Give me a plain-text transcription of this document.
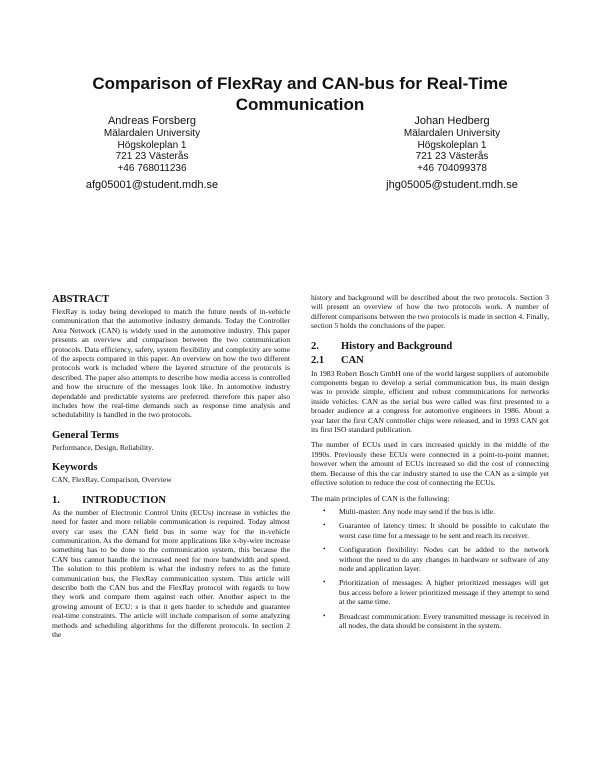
Comparison of FlexRay and CAN-bus for Real-Time Communication
Andreas Forsberg
Mälardalen University
Högskoleplan 1
721 23 Västerås
+46 768011236
afg05001@student.mdh.se
Johan Hedberg
Mälardalen University
Högskoleplan 1
721 23 Västerås
+46 704099378
jhg05005@student.mdh.se
ABSTRACT

FlexRay is today being developed to match the future needs of in-vehicle communication that the automotive industry demands. Today the Controller Area Network (CAN) is widely used in the automotive industry. This paper presents an overview and comparison between the two communication protocols. Data efficiency, safety, system flexibility and complexity are some of the aspects compared in this paper. An overview on how the two different protocols work is included where the layered structure of the protocols is described. The paper also attempts to describe how media access is controlled and how the structure of the messages look like. In automotive industry dependable and predictable systems are preferred. therefore this paper also includes how the real-time demands such as response time analysis and schedulability is handled in the two protocols.

General Terms

Performance, Design, Reliability.

Keywords

CAN, FlexRay, Comparison, Overview

1. INTRODUCTION

As the number of Electronic Control Units (ECUs) increase in vehicles the need for faster and more reliable communication is required. Today almost every car uses the CAN field bus in some way for the in-vehicle communication. As the demand for more applications like x-by-wire increase something has to be done to the communication system, this because the CAN bus cannot handle the increased need for more bandwidth and speed. The solution to this problem is what the industry refers to as the future communication bus, the FlexRay communication system. This article will describe both the CAN bus and the FlexRay protocol with regards to how they work and compare them against each other. Another aspect to the growing amount of ECU: s is that it gets harder to schedule and guarantee real-time constraints. The article will include comparison of some analyzing methods and scheduling algorithms for the different protocols. In section 2 the

history and background will be described about the two protocols. Section 3 will present an overview of how the two protocols work. A number of different comparisons between the two protocols is made in section 4. Finally, section 5 holds the conclusions of the paper.

2. History and Background
2.1 CAN

In 1983 Robert Bosch GmbH one of the world largest suppliers of automobile components began to develop a serial communication bus, its main design was to provide simple, efficient and robust communications for networks inside vehicles. CAN as the serial bus were called was first presented to a broader audience at a congress for automotive engineers in 1986. About a year later the first CAN controller chips were released, and in 1993 CAN got its first ISO standard publication.

The number of ECUs used in cars increased quickly in the middle of the 1990s. Previously these ECUs were connected in a point-to-point manner, however when the amount of ECUs increased so did the cost of connecting them. Because of this the car industry started to use the CAN as a simple yet effective solution to reduce the cost of connecting the ECUs.

The main principles of CAN is the following:

• Multi-master: Any node may send if the bus is idle.
• Guarantee of latency times: It should be possible to calculate the worst case time for a message to be sent and reach its receiver.
• Configuration flexibility: Nodes can be added to the network without the need to do any changes in hardware or software of any node and application layer.
• Prioritization of messages: A higher prioritized messages will get bus access before a lower prioritized message if they attempt to send at the same time.
• Broadcast communication: Every transmitted message is received in all nodes, the data should be consistent in the system.
